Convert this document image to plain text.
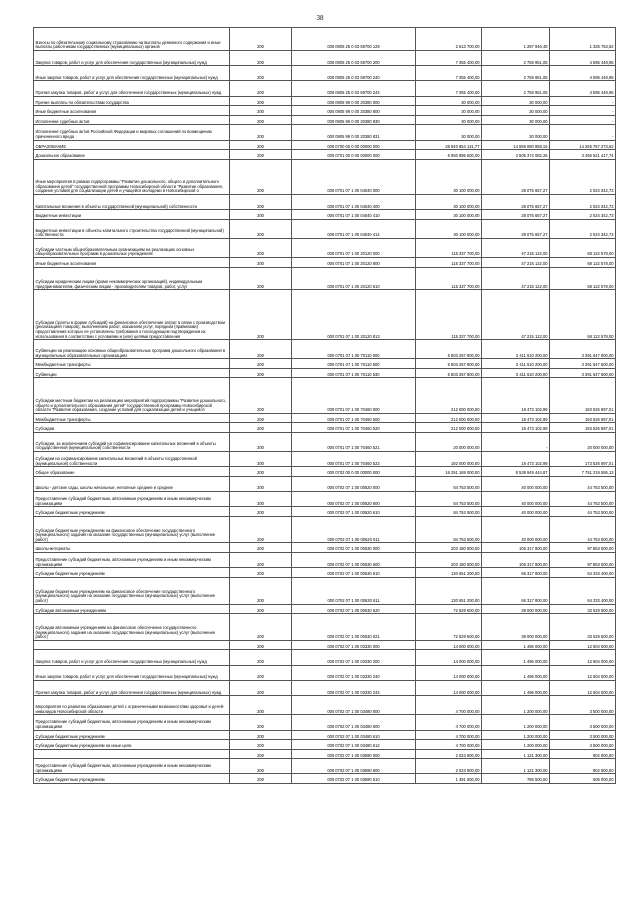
38
Взносы по обязательному социальному страхованию на выплаты денежного содержания и иные выплаты работникам государственных (муниципальных) органов	200	000 0905 25 0 03 59700 129	2 613 700,00	1 287 946,48	1 325 753,52
Закупка товаров, работ и услуг для обеспечения государственных (муниципальных) нужд	200	000 0905 25 0 03 59700 200	7 355 400,00	2 759 951,05	4 595 448,95
Иные закупки товаров, работ и услуг для обеспечения государственных (муниципальных) нужд	200	000 0905 25 0 03 59700 240	7 355 400,00	2 759 951,05	4 595 448,95
Прочая закупка товаров, работ и услуг для обеспечения государственных (муниципальных) нужд	200	000 0905 25 0 03 59700 244	7 355 400,00	2 759 951,05	4 595 448,95
Прочие выплаты по обязательствам государства	200	000 0905 99 0 00 20380 000	30 000,00	30 000,00	-
Иные бюджетные ассигнования	200	000 0905 99 0 00 20380 800	30 000,00	30 000,00	-
Исполнение судебных актов	200	000 0905 99 0 00 20380 830	30 000,00	30 000,00	-
Исполнение судебных актов Российской Федерации и мировых соглашений по возмещению причиненного вреда	200	000 0905 99 0 00 20380 831	30 000,00	30 000,00	-
ОБРАЗОВАНИЕ	200	000 0700 00 0 00 00000 000	28 840 854 131,77	14 595 080 858,15	14 255 767 273,62
Дошкольное образование	200	000 0701 00 0 00 00000 000	6 950 895 500,00	3 505 374 082,26	3 455 521 417,74
Иные мероприятия в рамках подпрограммы "Развитие дошкольного, общего и дополнительного образования детей" государственной программы Новосибирской области "Развитие образования, создание условий для социализации детей и учащейся молодежи в Новосибирской о	200	000 0701 07 1 00 04040 000	30 100 000,00	28 075 657,27	2 024 342,73
Капитальные вложения в объекты государственной (муниципальной) собственности	200	000 0701 07 1 00 04040 400	30 100 000,00	28 075 657,27	2 024 342,73
Бюджетные инвестиции	200	000 0701 07 1 00 04040 410	30 100 000,00	28 075 657,27	2 024 342,73
Бюджетные инвестиции в объекты капитального строительства государственной (муниципальной) собственности	200	000 0701 07 1 00 04040 414	30 100 000,00	28 075 657,27	2 024 342,73
Субсидии частным общеобразовательным организациям на реализацию основных общеобразовательных программ в дошкольных учреждениях	200	000 0701 07 1 00 20120 000	115 337 700,00	47 215 122,00	68 122 578,00
Иные бюджетные ассигнования	200	000 0701 07 1 00 20120 800	115 337 700,00	47 215 122,00	68 122 578,00
Субсидии юридическим лицам (кроме некоммерческих организаций), индивидуальным предпринимателям, физическим лицам - производителям товаров, работ, услуг	200	000 0701 07 1 00 20120 810	115 337 700,00	47 215 122,00	68 122 578,00
Субсидии (гранты в форме субсидий) на финансовое обеспечение затрат в связи с производством (реализацией товаров), выполнением работ, оказанием услуг, порядком (правилами) предоставления которых не установлены требования о последующем подтверждении их использования в соответствии с условиями и (или) целями предоставления	200	000 0701 07 1 00 20120 813	115 337 700,00	47 215 122,00	68 122 578,00
Субвенции на реализацию основных общеобразовательных программ дошкольного образования в муниципальных образовательных организациях	200	000 0701 07 1 00 70110 000	6 803 257 800,00	3 411 610 200,00	3 391 647 600,00
Межбюджетные трансферты	200	000 0701 07 1 00 70110 500	6 803 257 800,00	3 411 610 200,00	3 391 647 600,00
Субвенции	200	000 0701 07 1 00 70110 530	6 803 257 800,00	3 411 610 200,00	3 391 647 600,00
Субсидии местным бюджетам на реализацию мероприятий подпрограммы "Развитие дошкольного, общего и дополнительного образования детей" государственной программы Новосибирской области "Развитие образования, создание условий для социализации детей и учащейся	200	000 0701 07 1 00 70460 000	212 000 000,00	18 473 102,99	193 526 897,01
Межбюджетные трансферты	200	000 0701 07 1 00 70460 500	212 000 000,00	18 473 102,99	193 526 897,01
Субсидии	200	000 0701 07 1 00 70460 520	212 000 000,00	18 473 102,99	193 526 897,01
Субсидии, за исключением субсидий на софинансирование капитальных вложений в объекты государственной (муниципальной) собственности	200	000 0701 07 1 00 70460 521	20 000 000,00	-	20 000 000,00
Субсидии на софинансирование капитальных вложений в объекты государственной (муниципальной) собственности	200	000 0701 07 1 00 70460 522	192 000 000,00	18 473 102,99	173 526 897,01
Общее образование	200	000 0702 00 0 00 00000 000	16 291 169 000,00	8 539 949 444,87	7 751 219 555,13
Школы - детские сады, школы начальные, неполные средние и средние	200	000 0702 07 1 00 00620 000	84 753 500,00	40 000 000,00	44 753 500,00
Предоставление субсидий бюджетным, автономным учреждениям и иным некоммерческим организациям	200	000 0702 07 1 00 00620 600	84 753 500,00	40 000 000,00	44 753 500,00
Субсидии бюджетным учреждениям	200	000 0702 07 1 00 00620 610	84 753 500,00	40 000 000,00	44 753 500,00
Субсидии бюджетным учреждениям на финансовое обеспечение государственного (муниципального) задания на оказание государственных (муниципальных) услуг (выполнение работ)	200	000 0702 07 1 00 00620 611	84 753 500,00	40 000 000,00	44 753 500,00
Школы-интернаты	200	000 0702 07 1 00 00630 000	203 180 800,00	105 317 800,00	97 863 000,00
Предоставление субсидий бюджетным, автономным учреждениям и иным некоммерческим организациям	200	000 0702 07 1 00 00630 600	203 180 800,00	105 317 800,00	97 863 000,00
Субсидии бюджетным учреждениям	200	000 0702 07 1 00 00630 610	130 651 200,00	66 317 800,00	64 333 400,00
Субсидии бюджетным учреждениям на финансовое обеспечение государственного (муниципального) задания на оказание государственных (муниципальных) услуг (выполнение работ)	200	000 0702 07 1 00 00630 611	130 651 200,00	66 317 800,00	64 333 400,00
Субсидии автономным учреждениям	200	000 0702 07 1 00 00630 620	72 529 600,00	39 000 000,00	33 529 600,00
Субсидии автономным учреждениям на финансовое обеспечение государственного (муниципального) задания на оказание государственных (муниципальных) услуг (выполнение работ)	200	000 0702 07 1 00 00630 621	72 529 600,00	39 000 000,00	33 529 600,00
	200	000 0702 07 1 00 03330 000	14 000 000,00	1 496 000,00	12 504 000,00
Закупка товаров, работ и услуг для обеспечения государственных (муниципальных) нужд	200	000 0702 07 1 00 03330 200	14 000 000,00	1 496 000,00	12 504 000,00
Иные закупки товаров, работ и услуг для обеспечения государственных (муниципальных) нужд	200	000 0702 07 1 00 03330 240	14 000 000,00	1 496 000,00	12 504 000,00
Прочая закупка товаров, работ и услуг для обеспечения государственных (муниципальных) нужд	200	000 0702 07 1 00 03330 244	14 000 000,00	1 496 000,00	12 504 000,00
Мероприятия по развитию образования детей с ограниченными возможностями здоровья и детей-инвалидов Новосибирской области	200	000 0702 07 1 00 03480 000	4 700 000,00	1 200 000,00	3 500 000,00
Предоставление субсидий бюджетным, автономным учреждениям и иным некоммерческим организациям	200	000 0702 07 1 00 03480 600	4 700 000,00	1 200 000,00	3 500 000,00
Субсидии бюджетным учреждениям	200	000 0702 07 1 00 03480 610	4 700 000,00	1 200 000,00	3 500 000,00
Субсидии бюджетным учреждениям на иные цели	200	000 0702 07 1 00 03480 612	4 700 000,00	1 200 000,00	3 500 000,00
	200	000 0702 07 1 00 03590 000	2 023 900,00	1 121 300,00	902 600,00
Предоставление субсидий бюджетным, автономным учреждениям и иным некоммерческим организациям	200	000 0702 07 1 00 03590 600	2 023 900,00	1 121 300,00	902 600,00
Субсидии бюджетным учреждениям	200	000 0702 07 1 00 03590 610	1 391 500,00	786 500,00	605 000,00
